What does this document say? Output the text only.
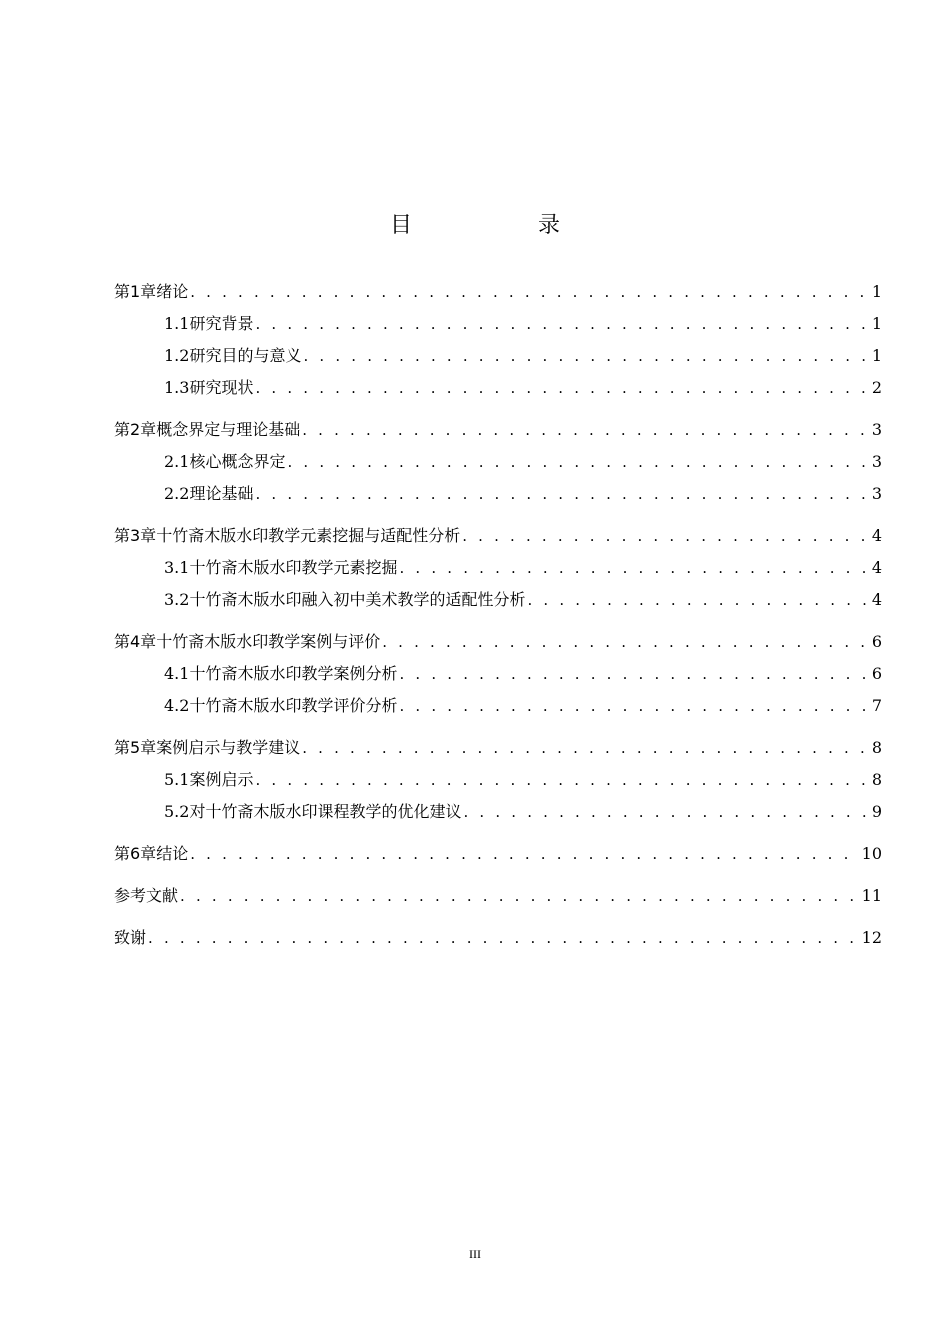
目　录
第1章 绪论 . . .	1
1.1 研究背景 . . .	1
1.2 研究目的与意义 . . .	1
1.3 研究现状 . . .	2
第2章 概念界定与理论基础 . . .	3
2.1 核心概念界定 . . .	3
2.2 理论基础 . . .	3
第3章 十竹斋木版水印教学元素挖掘与适配性分析 . . .	4
3.1 十竹斋木版水印教学元素挖掘 . . .	4
3.2 十竹斋木版水印融入初中美术教学的适配性分析 . . .	4
第4章 十竹斋木版水印教学案例与评价 . . .	6
4.1 十竹斋木版水印教学案例分析 . . .	6
4.2 十竹斋木版水印教学评价分析 . . .	7
第5章 案例启示与教学建议 . . .	8
5.1 案例启示 . . .	8
5.2 对十竹斋木版水印课程教学的优化建议 . . .	9
第6章 结论 . . .	10
参考文献 . . .	11
致谢 . . .	12
III
